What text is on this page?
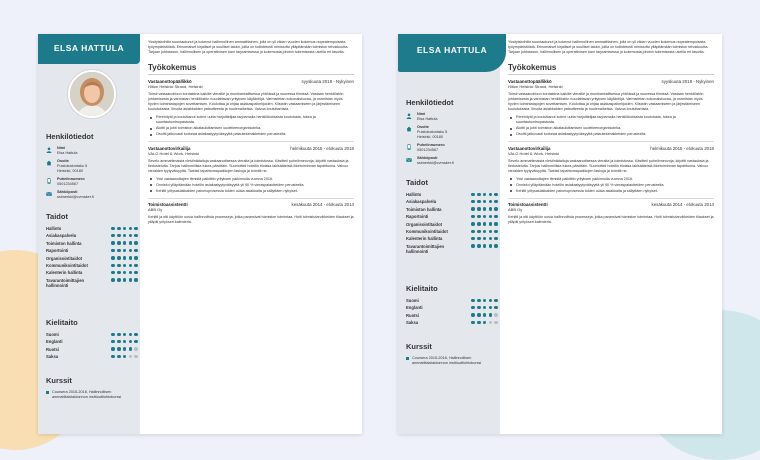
ELSA HATTULA
Henkilötiedot
Nimi
Elsa Hattula
Osoite
Puistokatuntaku 5
Helsinki, 00180
Puhelinnumero
0501234567
Sähköposti
ssimerkki@cvmaker.fi
Taidot
Hallinto
Asiakaspalvelu
Toimiston hallinta
Raportointi
Organisointitaidot
Kommunikointitaidot
Kalenterin hallinta
Tavarantoimittajien hallinnointi
Kielitaito
Suomi
Englanti
Ruotsi
Saksa
Kurssit
Coursera 2015-2016, Hallinnollisen ammattilaistaidonnon instituuttiohtokurssi

Yksityiskohtiin suuntautunut ja kokenut hallinnollinen ammattilainen, jolla on yli viiden vuoden kokemus nopeatempoisista työympäristöistä. Erinomaiset kirjalliset ja suulliset taidot, joilla on todistetusti onnistuttu ylläpitämään toimiston tehokkuutta. Tarjoan johtotason, hallinnollisen ja operatiivisen tuen tarjoamisessa ja kokemusta johdon tukemisesta useilla eri tasoilla.

Työkokemus
Vastaanottopäällikkö	syyskuuta 2018 - Nykyinen
Hilton Helsinki Strand, Helsinki

Toimii vastaanottoon kontaktina kaikille vieraille ja monikansallisessa yhtiöissä ja suuressa tiimissä. Vastaan henkilöstön johtamisesta ja varmistan henkilöstön noudattavan yrityksen käytäntöjä. Varmistetan kokonaiskuvaa, ja varmistan myös hyvien toimintatapojen soveltamisen. Kouluttaa ja ohjaa asiakaspalvelijoiden. Kiistatin vastaamiseen ja järjestämiseen koulutuksista. Ilmoita asiakkaiden palautteesta ja huolenaiheista. Valvoa kouluttamista.

Perehdytti ja kouluttanut kolme uutta harjoittelijaa tarjoamalla henkilökohtaista koulutusta, tukea ja suuntautumisopastusta.
Aloitti ja johti toimiston aikatauluttamisen uudelleenorganisointia.
Osoitti jatkuvasti korkeaa asiakastyytyväisyyttä palautelomakkeiden perusteella.
Vastaanottovirkailija	helmikuuta 2015 - elokuuta 2018
VALO Hotel & Work, Helsinki

Sevelo ammattimaista viestintätaitoja vastaanottaessa vieraita ja toimistossa. Käsitteli puhelinneuvoja, kirjoitti vastauksia ja tiedusteluita. Tarjosi hallinnollista tukea päivittäin. Suunnitteli hotellin tiloissa lakisääteisiä liiketoiminnan tapahtumia. Valvoo vieraiden tyytyväisyyttä. Tarkisti tapahtumapaikkojen laskuja ja toimitti ne.

Yksi vastaanottajien tiimistä palkittiin yrityksen palkinnolla vuonna 2016.
Onnistui ylläpitämään hotellin asiakastyytyväisyyttä yli 90 % vieraspalautteiden perusteella.
Kehitti yritysasiakkaiden palveluprosessia tukien uusia asiakkaita ja säilyttäen nykyiset.
Toimistoassistentti	kesäkuuta 2014 - elokuuta 2014
ABB Oy

Kehitti ja otti käyttöön uusia hallinnollisia prosesseja, jotka paransivat toimiston toimintaa. Hoiti toimistotarvikkeiden tilaukset ja ylläpiti yrityksen kalenteria.

ELSA HATTULA
Henkilötiedot
Nimi
Elsa Hattula
Osoite
Puistokatuntaku 5
Helsinki, 00180
Puhelinnumero
0501234567
Sähköposti
ssimerkki@cvmaker.fi
Taidot
Hallinto
Asiakaspalvelu
Toimiston hallinta
Raportointi
Organisointitaidot
Kommunikointitaidot
Kalenterin hallinta
Tavarantoimittajien hallinnointi
Kielitaito
Suomi
Englanti
Ruotsi
Saksa
Kurssit
Coursera 2015-2016, Hallinnollisen ammattilaistaidonnon instituuttiohtokurssi

Yksityiskohtiin suuntautunut ja kokenut hallinnollinen ammattilainen, jolla on yli viiden vuoden kokemus nopeatempoisista työympäristöistä. Erinomaiset kirjalliset ja suulliset taidot, joilla on todistetusti onnistuttu ylläpitämään toimiston tehokkuutta. Tarjoan johtotason, hallinnollisen ja operatiivisen tuen tarjoamisessa ja kokemusta johdon tukemisesta useilla eri tasoilla.

Työkokemus
Vastaanottopäällikkö	syyskuuta 2018 - Nykyinen
Hilton Helsinki Strand, Helsinki

Toimii vastaanottoon kontaktina kaikille vieraille ja monikansallisessa yhtiöissä ja suuressa tiimissä. Vastaan henkilöstön johtamisesta ja varmistan henkilöstön noudattavan yrityksen käytäntöjä. Varmistetan kokonaiskuvaa, ja varmistan myös hyvien toimintatapojen soveltamisen. Kouluttaa ja ohjaa asiakaspalvelijoiden. Kiistatin vastaamiseen ja järjestämiseen koulutuksista. Ilmoita asiakkaiden palautteesta ja huolenaiheista. Valvoa kouluttamista.

Perehdytti ja kouluttanut kolme uutta harjoittelijaa tarjoamalla henkilökohtaista koulutusta, tukea ja suuntautumisopastusta.
Aloitti ja johti toimiston aikatauluttamisen uudelleenorganisointia.
Osoitti jatkuvasti korkeaa asiakastyytyväisyyttä palautelomakkeiden perusteella.
Vastaanottovirkailija	helmikuuta 2015 - elokuuta 2018
VALO Hotel & Work, Helsinki

Sevelo ammattimaista viestintätaitoja vastaanottaessa vieraita ja toimistossa. Käsitteli puhelinneuvoja, kirjoitti vastauksia ja tiedusteluita. Tarjosi hallinnollista tukea päivittäin. Suunnitteli hotellin tiloissa lakisääteisiä liiketoiminnan tapahtumia. Valvoo vieraiden tyytyväisyyttä. Tarkisti tapahtumapaikkojen laskuja ja toimitti ne.

Yksi vastaanottajien tiimistä palkittiin yrityksen palkinnolla vuonna 2016.
Onnistui ylläpitämään hotellin asiakastyytyväisyyttä yli 90 % vieraspalautteiden perusteella.
Kehitti yritysasiakkaiden palveluprosessia tukien uusia asiakkaita ja säilyttäen nykyiset.
Toimistoassistentti	kesäkuuta 2014 - elokuuta 2014
ABB Oy

Kehitti ja otti käyttöön uusia hallinnollisia prosesseja, jotka paransivat toimiston toimintaa. Hoiti toimistotarvikkeiden tilaukset ja ylläpiti yrityksen kalenteria.
